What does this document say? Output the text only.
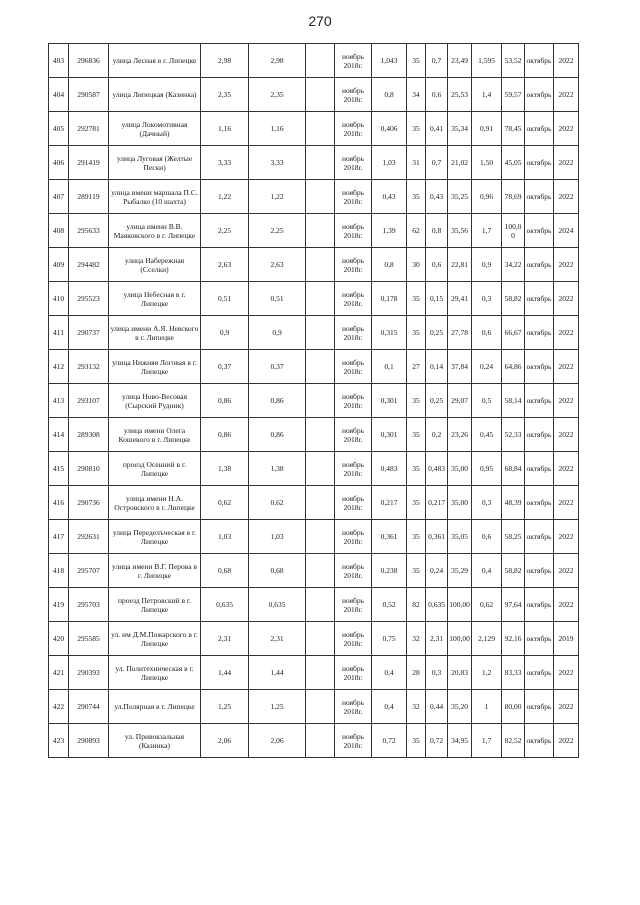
270
403	296836	улица Лесная в г. Липецке	2,98	2,98		ноябрь 2018г.	1,043	35	0,7	23,49	1,595	53,52	октябрь	2022
404	290587	улица Липецкая (Казинка)	2,35	2,35		ноябрь 2018г.	0,8	34	0,6	25,53	1,4	59,57	октябрь	2022
405	292781	улица Локомотивная (Дачный)	1,16	1,16		ноябрь 2018г.	0,406	35	0,41	35,34	0,91	78,45	октябрь	2022
406	291419	улица Луговая (Желтые Пески)	3,33	3,33		ноябрь 2018г.	1,03	31	0,7	21,02	1,50	45,05	октябрь	2022
407	289119	улица имени маршала П.С. Рыбалко (10 шахта)	1,22	1,22		ноябрь 2018г.	0,43	35	0,43	35,25	0,96	78,69	октябрь	2022
408	295633	улица имени В.В. Маяковского в г. Липецке	2,25	2,25		ноябрь 2018г.	1,39	62	0,8	35,56	1,7	100,00	октябрь	2024
409	294482	улица Набережная (Сселки)	2,63	2,63		ноябрь 2018г.	0,8	30	0,6	22,81	0,9	34,22	октябрь	2022
410	295523	улица Небесная в г. Липецке	0,51	0,51		ноябрь 2018г.	0,178	35	0,15	29,41	0,3	58,82	октябрь	2022
411	290737	улица имени А.Я. Невского в г. Липецке	0,9	0,9		ноябрь 2018г.	0,315	35	0,25	27,78	0,6	66,67	октябрь	2022
412	293132	улица Нижняя Логовая в г. Липецке	0,37	0,37		ноябрь 2018г.	0,1	27	0,14	37,84	0,24	64,86	октябрь	2022
413	293107	улица Ново-Весовая (Сырский Рудник)	0,86	0,86		ноябрь 2018г.	0,301	35	0,25	29,07	0,5	58,14	октябрь	2022
414	289308	улица имени Олега Кошевого в г. Липецке	0,86	0,86		ноябрь 2018г.	0,301	35	0,2	23,26	0,45	52,33	октябрь	2022
415	290810	проезд Осенний в г. Липецке	1,38	1,38		ноябрь 2018г.	0,483	35	0,483	35,00	0,95	68,84	октябрь	2022
416	290736	улица имени Н.А. Островского в г. Липецке	0,62	0,62		ноябрь 2018г.	0,217	35	0,217	35,00	0,3	48,39	октябрь	2022
417	292631	улица Переделъческая в г. Липецке	1,03	1,03		ноябрь 2018г.	0,361	35	0,361	35,05	0,6	58,25	октябрь	2022
418	295707	улица имени В.Г. Перова в г. Липецке	0,68	0,68		ноябрь 2018г.	0,238	35	0,24	35,29	0,4	58,82	октябрь	2022
419	295703	проезд Петровский в г. Липецке	0,635	0,635		ноябрь 2018г.	0,52	82	0,635	100,00	0,62	97,64	октябрь	2022
420	295585	ул. им Д.М.Пожарского в г. Липецке	2,31	2,31		ноябрь 2018г.	0,75	32	2,31	100,00	2,129	92,16	октябрь	2019
421	290393	ул. Политехническая в г. Липецке	1,44	1,44		ноябрь 2018г.	0,4	28	0,3	20,83	1,2	83,33	октябрь	2022
422	290744	ул.Полярная в г. Липецке	1,25	1,25		ноябрь 2018г.	0,4	32	0,44	35,20	1	80,00	октябрь	2022
423	290893	ул. Привокзальная (Казинка)	2,06	2,06		ноябрь 2018г.	0,72	35	0,72	34,95	1,7	82,52	октябрь	2022
